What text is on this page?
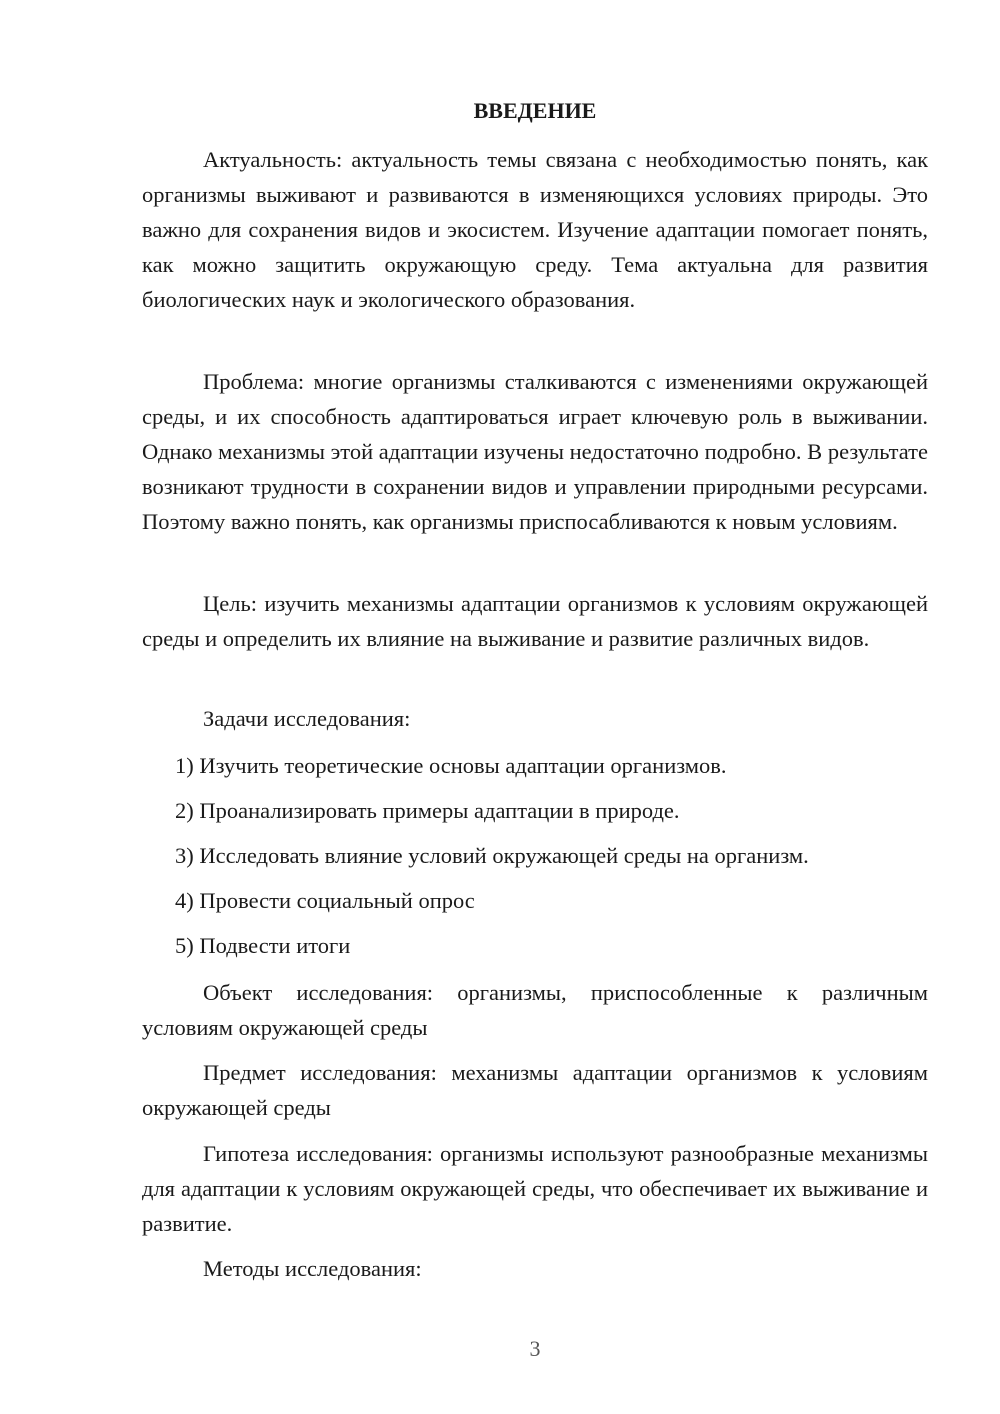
ВВЕДЕНИЕ

Актуальность: актуальность темы связана с необходимостью понять, как организмы выживают и развиваются в изменяющихся условиях природы. Это важно для сохранения видов и экосистем. Изучение адаптации помогает понять, как можно защитить окружающую среду. Тема актуальна для развития биологических наук и экологического образования.

Проблема: многие организмы сталкиваются с изменениями окружающей среды, и их способность адаптироваться играет ключевую роль в выживании. Однако механизмы этой адаптации изучены недостаточно подробно. В результате возникают трудности в сохранении видов и управлении природными ресурсами. Поэтому важно понять, как организмы приспосабливаются к новым условиям.

Цель: изучить механизмы адаптации организмов к условиям окружающей среды и определить их влияние на выживание и развитие различных видов.

Задачи исследования:
1) Изучить теоретические основы адаптации организмов.
2) Проанализировать примеры адаптации в природе.
3) Исследовать влияние условий окружающей среды на организм.
4) Провести социальный опрос
5) Подвести итоги

Объект исследования: организмы, приспособленные к различным условиям окружающей среды

Предмет исследования: механизмы адаптации организмов к условиям окружающей среды

Гипотеза исследования: организмы используют разнообразные механизмы для адаптации к условиям окружающей среды, что обеспечивает их выживание и развитие.

Методы исследования:
3
